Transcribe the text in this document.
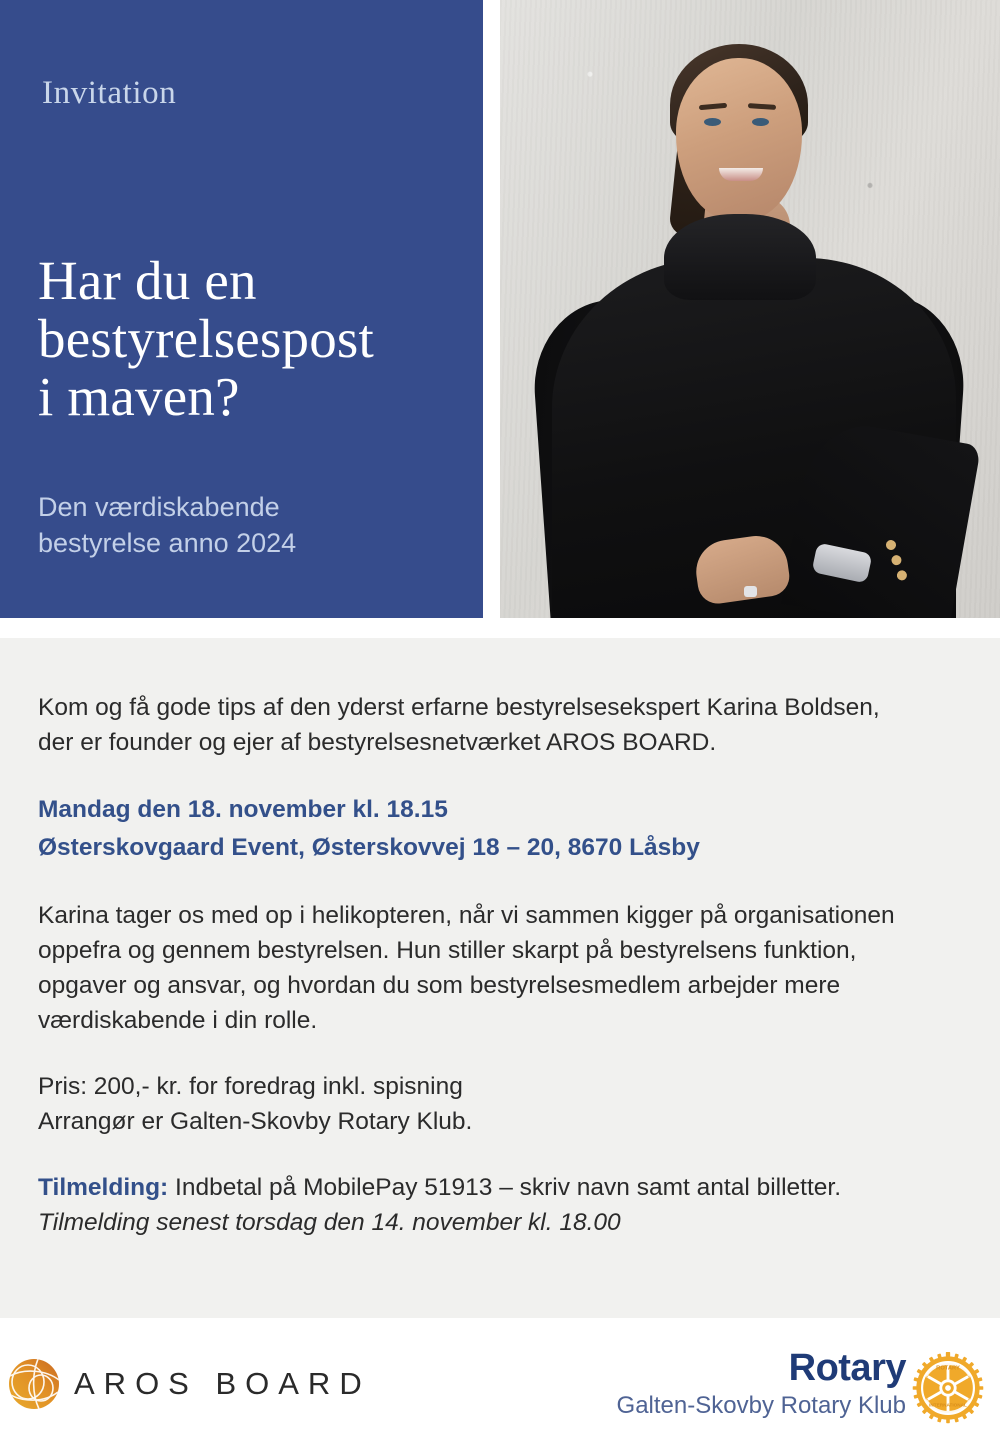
Invitation
Har du en
bestyrelsespost
i maven?
Den værdiskabende
bestyrelse anno 2024

Kom og få gode tips af den yderst erfarne bestyrelsesekspert Karina Boldsen,
der er founder og ejer af bestyrelsesnetværket AROS BOARD.

Mandag den 18. november kl. 18.15
Østerskovgaard Event, Østerskovvej 18 – 20, 8670 Låsby

Karina tager os med op i helikopteren, når vi sammen kigger på organisationen
oppefra og gennem bestyrelsen. Hun stiller skarpt på bestyrelsens funktion,
opgaver og ansvar, og hvordan du som bestyrelsesmedlem arbejder mere
værdiskabende i din rolle.

Pris: 200,- kr. for foredrag inkl. spisning
Arrangør er Galten-Skovby Rotary Klub.

Tilmelding: Indbetal på MobilePay 51913 – skriv navn samt antal billetter.
Tilmelding senest torsdag den 14. november kl. 18.00

AROS BOARD	Rotary
Galten-Skovby Rotary Klub
ROTARY
INTERNATIONAL
